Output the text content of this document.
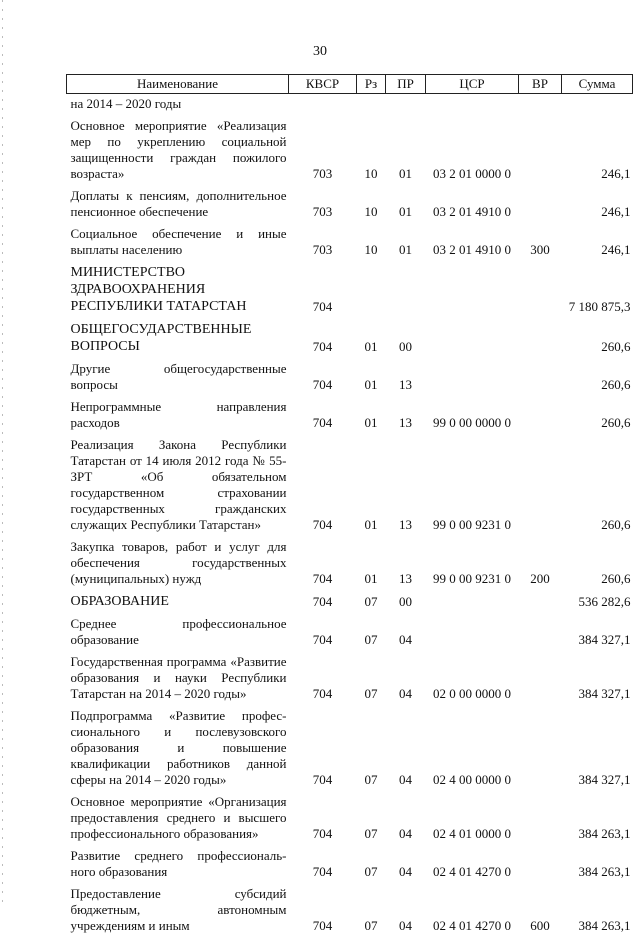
30
Наименование	КВСР	Рз	ПР	ЦСР	ВР	Сумма
на 2014 – 2020 годы						
Основное мероприятие «Реализация мер по укреплению социальной защищенности граждан пожилого возраста»	703	10	01	03 2 01 0000 0		246,1
Доплаты к пенсиям, дополнительное пенсионное обеспечение	703	10	01	03 2 01 4910 0		246,1
Социальное обеспечение и иные выплаты населению	703	10	01	03 2 01 4910 0	300	246,1
МИНИСТЕРСТВО ЗДРАВООХРАНЕНИЯ РЕСПУБЛИКИ ТАТАРСТАН	704					7 180 875,3
ОБЩЕГОСУДАРСТВЕННЫЕ ВОПРОСЫ	704	01	00			260,6
Другие общегосударственные вопросы	704	01	13			260,6
Непрограммные направления расходов	704	01	13	99 0 00 0000 0		260,6
Реализация Закона Республики Татарстан от 14 июля 2012 года № 55-ЗРТ «Об обязательном государственном страховании государственных гражданских служащих Республики Татарстан»	704	01	13	99 0 00 9231 0		260,6
Закупка товаров, работ и услуг для обеспечения государственных (муниципальных) нужд	704	01	13	99 0 00 9231 0	200	260,6
ОБРАЗОВАНИЕ	704	07	00			536 282,6
Среднее профессиональное образование	704	07	04			384 327,1
Государственная программа «Развитие образования и науки Республики Татарстан на 2014 – 2020 годы»	704	07	04	02 0 00 0000 0		384 327,1
Подпрограмма «Развитие профес-сионального и послевузовского образования и повышение квалификации работников данной сферы на 2014 – 2020 годы»	704	07	04	02 4 00 0000 0		384 327,1
Основное мероприятие «Организация предоставления среднего и высшего профессионального образования»	704	07	04	02 4 01 0000 0		384 263,1
Развитие среднего профессиональ-ного образования	704	07	04	02 4 01 4270 0		384 263,1
Предоставление субсидий бюджетным, автономным учреждениям и иным	704	07	04	02 4 01 4270 0	600	384 263,1
